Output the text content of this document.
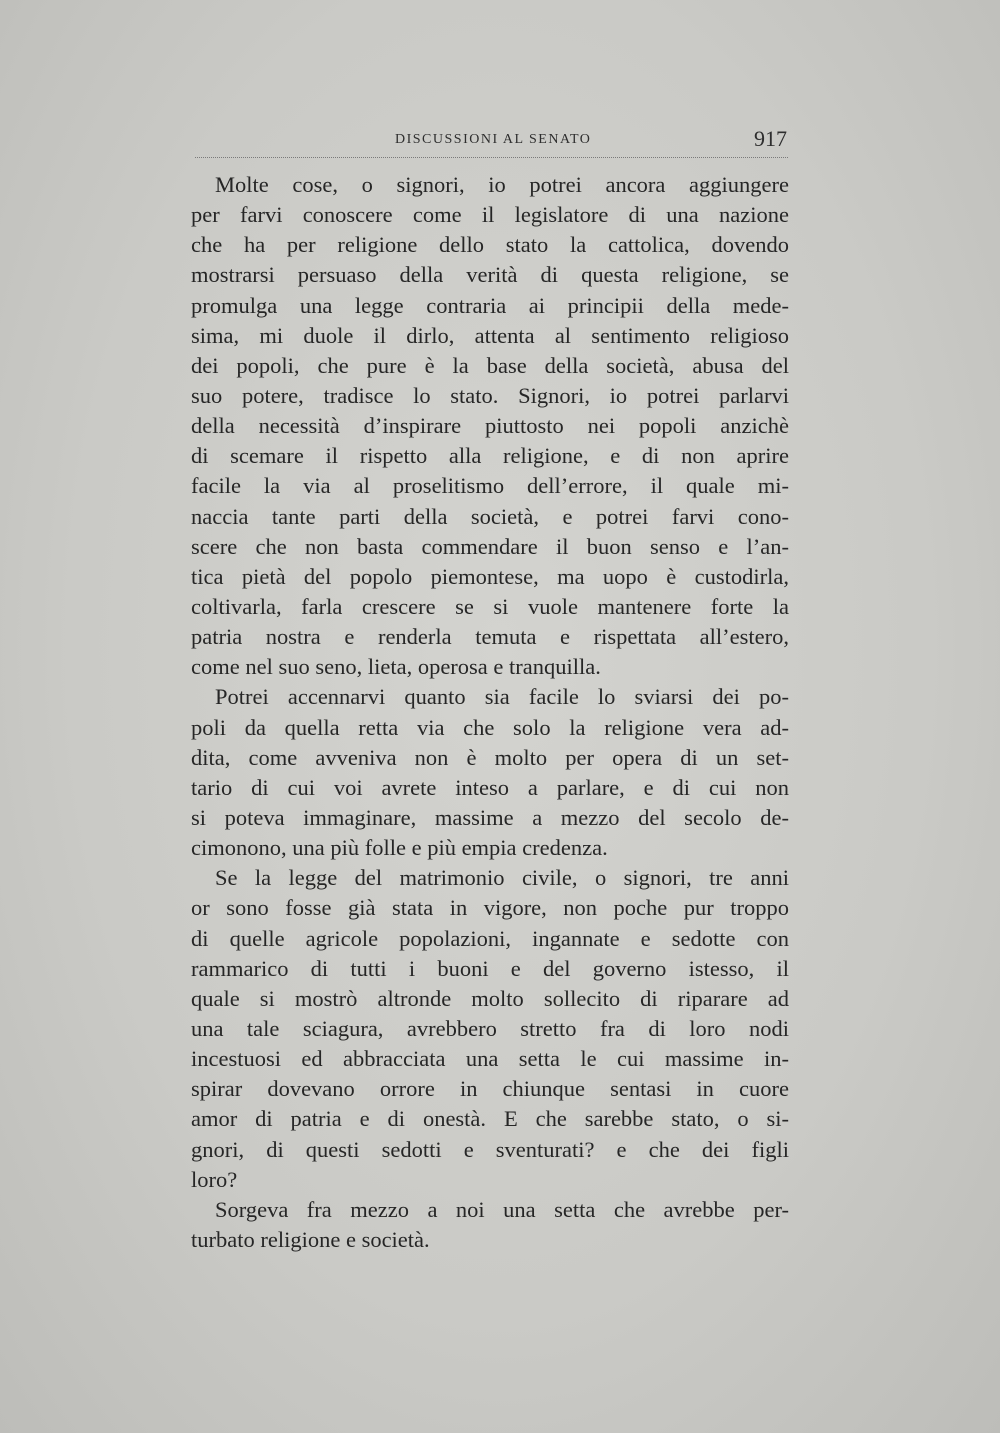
DISCUSSIONI AL SENATO	917
Molte cose, o signori, io potrei ancora aggiungere
per farvi conoscere come il legislatore di una nazione
che ha per religione dello stato la cattolica, dovendo
mostrarsi persuaso della verità di questa religione, se
promulga una legge contraria ai principii della mede-
sima, mi duole il dirlo, attenta al sentimento religioso
dei popoli, che pure è la base della società, abusa del
suo potere, tradisce lo stato. Signori, io potrei parlarvi
della necessità d’inspirare piuttosto nei popoli anzichè
di scemare il rispetto alla religione, e di non aprire
facile la via al proselitismo dell’errore, il quale mi-
naccia tante parti della società, e potrei farvi cono-
scere che non basta commendare il buon senso e l’an-
tica pietà del popolo piemontese, ma uopo è custodirla,
coltivarla, farla crescere se si vuole mantenere forte la
patria nostra e renderla temuta e rispettata all’estero,
come nel suo seno, lieta, operosa e tranquilla.
Potrei accennarvi quanto sia facile lo sviarsi dei po-
poli da quella retta via che solo la religione vera ad-
dita, come avveniva non è molto per opera di un set-
tario di cui voi avrete inteso a parlare, e di cui non
si poteva immaginare, massime a mezzo del secolo de-
cimonono, una più folle e più empia credenza.
Se la legge del matrimonio civile, o signori, tre anni
or sono fosse già stata in vigore, non poche pur troppo
di quelle agricole popolazioni, ingannate e sedotte con
rammarico di tutti i buoni e del governo istesso, il
quale si mostrò altronde molto sollecito di riparare ad
una tale sciagura, avrebbero stretto fra di loro nodi
incestuosi ed abbracciata una setta le cui massime in-
spirar dovevano orrore in chiunque sentasi in cuore
amor di patria e di onestà. E che sarebbe stato, o si-
gnori, di questi sedotti e sventurati? e che dei figli
loro?
Sorgeva fra mezzo a noi una setta che avrebbe per-
turbato religione e società.
